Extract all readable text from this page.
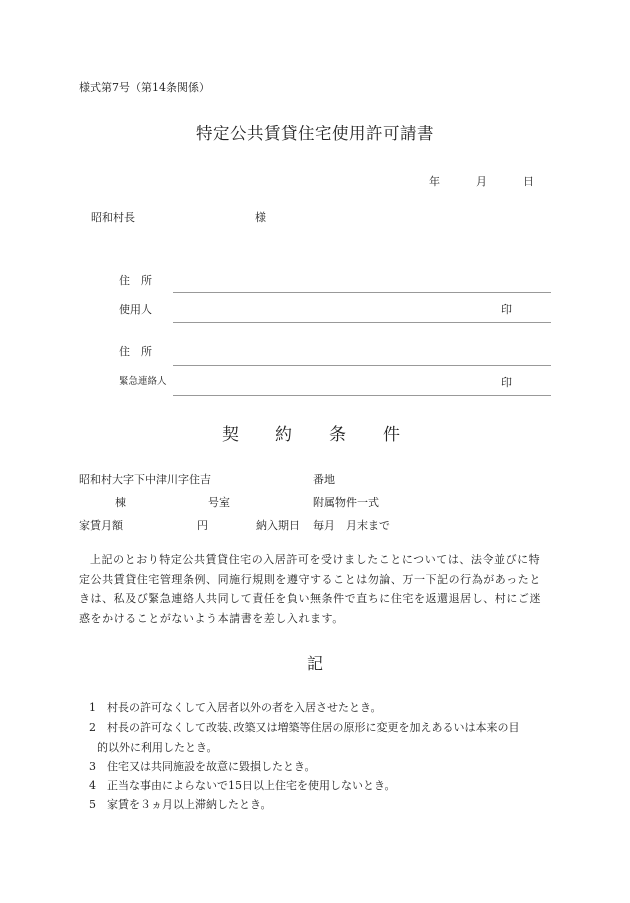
様式第7号（第14条関係）
特定公共賃貸住宅使用許可請書
年	月	日
昭和村長	様
住　所
使用人	印
住　所
緊急連絡人	印
契 約 条 件
昭和村大字下中津川字住吉	番地
棟	号室	附属物件一式
家賃月額	円	納入期日 毎月　月末まで
上記のとおり特定公共賃貸住宅の入居許可を受けましたことについては、法令並びに特定公共賃貸住宅管理条例、同施行規則を遵守することは勿論、万一下記の行為があったときは、私及び緊急連絡人共同して責任を負い無条件で直ちに住宅を返還退居し、村にご迷惑をかけることがないよう本請書を差し入れます。
記
1 村長の許可なくして入居者以外の者を入居させたとき。
2 村長の許可なくして改装､改築又は増築等住居の原形に変更を加えあるいは本来の目
的以外に利用したとき。
3 住宅又は共同施設を故意に毀損したとき。
4 正当な事由によらないで15日以上住宅を使用しないとき。
5 家賃を３ヵ月以上滞納したとき。
